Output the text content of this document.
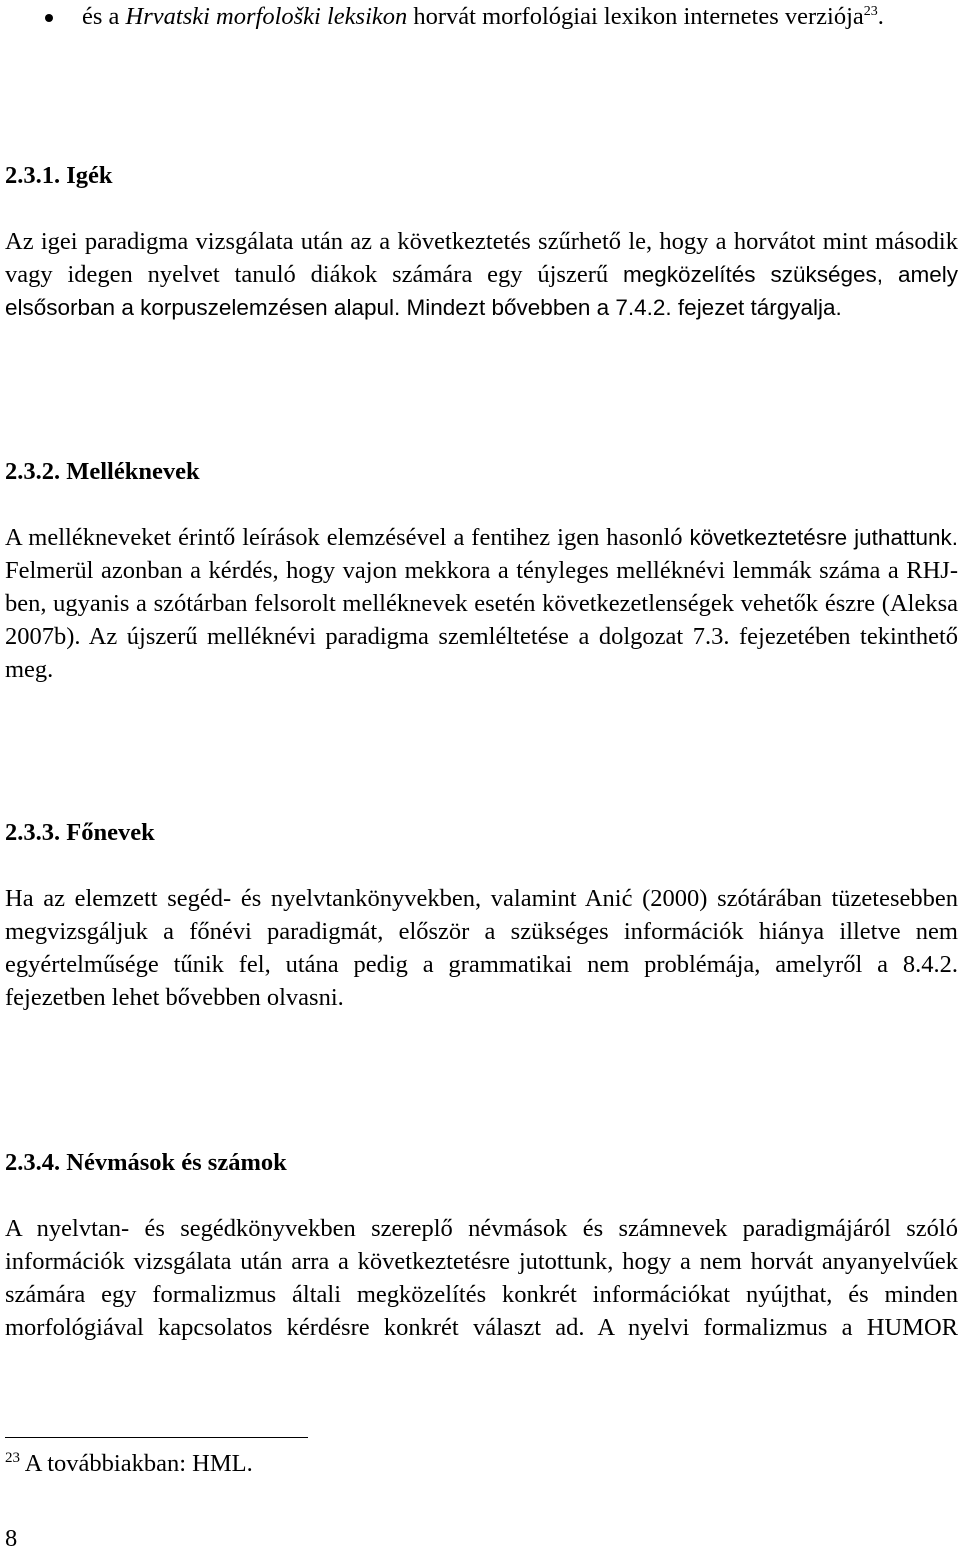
és a Hrvatski morfološki leksikon horvát morfológiai lexikon internetes verziója$^{23}$.

2.3.1. Igék

Az igei paradigma vizsgálata után az a következtetés szűrhető le, hogy a horvátot mint második vagy idegen nyelvet tanuló diákok számára egy újszerű megközelítés szükséges, amely elsősorban a korpuszelemzésen alapul. Mindezt bővebben a 7.4.2. fejezet tárgyalja.

2.3.2. Melléknevek

A mellékneveket érintő leírások elemzésével a fentihez igen hasonló következtetésre juthattunk. Felmerül azonban a kérdés, hogy vajon mekkora a tényleges melléknévi lemmák száma a RHJ-ben, ugyanis a szótárban felsorolt melléknevek esetén következetlenségek vehetők észre (Aleksa 2007b). Az újszerű melléknévi paradigma szemléltetése a dolgozat 7.3. fejezetében tekinthető meg.

2.3.3. Főnevek

Ha az elemzett segéd- és nyelvtankönyvekben, valamint Anić (2000) szótárában tüzetesebben megvizsgáljuk a főnévi paradigmát, először a szükséges információk hiánya illetve nem egyértelműsége tűnik fel, utána pedig a grammatikai nem problémája, amelyről a 8.4.2. fejezetben lehet bővebben olvasni.

2.3.4. Névmások és számok

A nyelvtan- és segédkönyvekben szereplő névmások és számnevek paradigmájáról szóló információk vizsgálata után arra a következtetésre jutottunk, hogy a nem horvát anyanyelvűek számára egy formalizmus általi megközelítés konkrét információkat nyújthat, és minden morfológiával kapcsolatos kérdésre konkrét választ ad. A nyelvi formalizmus a HUMOR

$^{23}$ A továbbiakban: HML.
8
